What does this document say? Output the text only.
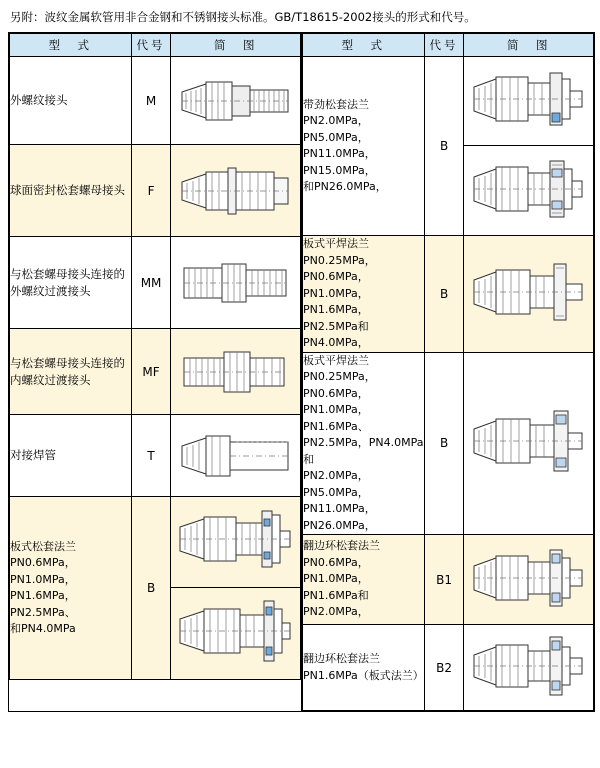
另附：波纹金属软管用非合金钢和不锈钢接头标准。GB/T18615-2002接头的形式和代号。
型　式	代号	简　图
外螺纹接头	M	

球面密封松套螺母接头	F	

与松套螺母接头连接的外螺纹过渡接头	MM	

与松套螺母接头连接的内螺纹过渡接头	MF	

对接焊管	T	

板式松套法兰
PN0.6MPa，PN1.0MPa，
PN1.6MPa，PN2.5MPa、
和PN4.0MPa	B	

型　式	代号	简　图
带劲松套法兰
PN2.0MPa，PN5.0MPa，
PN11.0MPa，PN15.0MPa，
和PN26.0MPa，	B	

板式平焊法兰
PN0.25MPa，PN0.6MPa，
PN1.0MPa，PN1.6MPa，
PN2.5MPa和PN4.0MPa，	B	

板式平焊法兰
PN0.25MPa，PN0.6MPa，
PN1.0MPa，PN1.6MPa、
PN2.5MPa，PN4.0MPa和
PN2.0MPa，PN5.0MPa，
PN11.0MPa，PN26.0MPa，	B	

翻边环松套法兰
PN0.6MPa，PN1.0MPa，
PN1.6MPa和PN2.0MPa，	B1	

翻边环松套法兰
PN1.6MPa（板式法兰）	B2	
